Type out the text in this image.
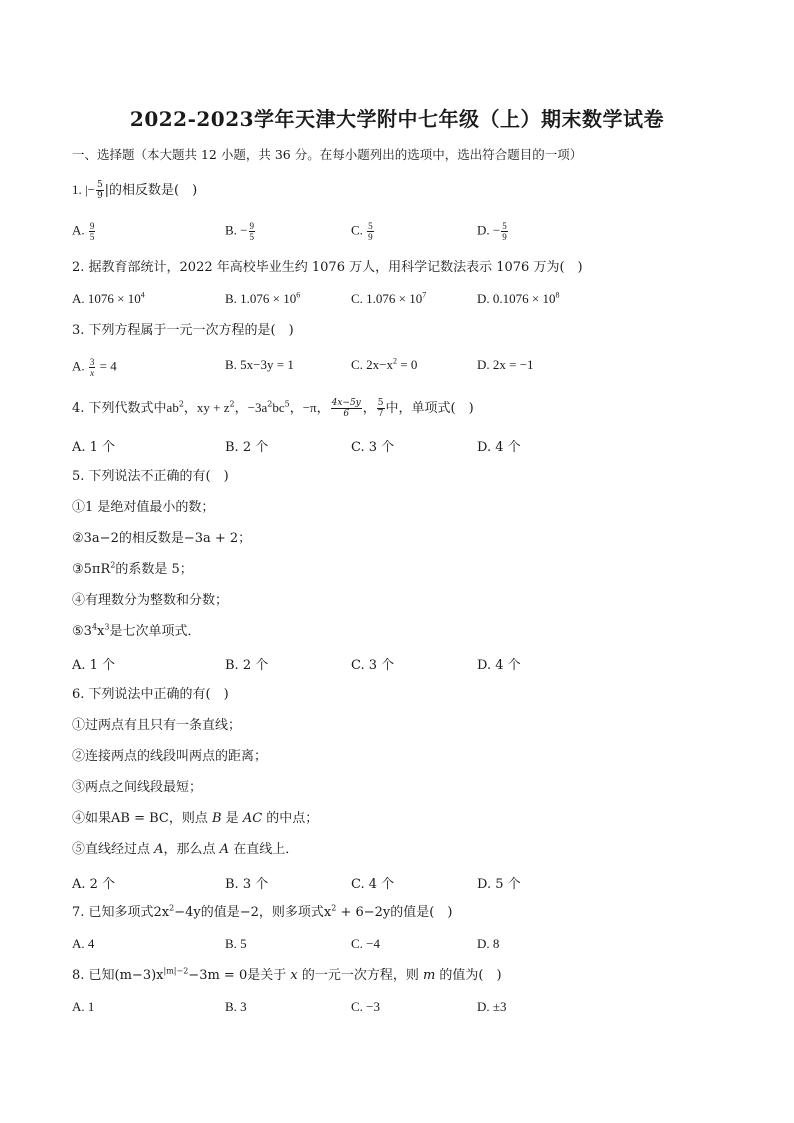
2022-2023学年天津大学附中七年级（上）期末数学试卷
一、选择题（本大题共 12 小题，共 36 分。在每小题列出的选项中，选出符合题目的一项）
1. |− $\frac{5}{9}$ |的相反数是(　)
A. $\frac{9}{5}$	B. − $\frac{9}{5}$	C. $\frac{5}{9}$	D. − $\frac{5}{9}$
2. 据教育部统计，2022 年高校毕业生约 1076 万人，用科学记数法表示 1076 万为(　)
A. $1076 \times 10^4$	B. $1.076 \times 10^6$	C. $1.076 \times 10^7$	D. $0.1076 \times 10^8$
3. 下列方程属于一元一次方程的是(　)
A. $\frac{3}{x} = 4$	B. 5x−3y = 1	C. $2x-x^2 = 0$	D. 2x = −1
4. 下列代数式中$ab^2$，xy + $z^2$，$-3a^2bc^5$，−π， $\frac{4x-5y}{6}$ ， $\frac{5}{7}$ 中，单项式(　)
A. 1 个	B. 2 个	C. 3 个	D. 4 个
5. 下列说法不正确的有(　)
①1 是绝对值最小的数；
②3a−2的相反数是−3a + 2；
$③5\pi R^2$的系数是 5；
④有理数分为整数和分数；
$⑤3^4x^3$是七次单项式．
A. 1 个	B. 2 个	C. 3 个	D. 4 个
6. 下列说法中正确的有(　)
①过两点有且只有一条直线；
②连接两点的线段叫两点的距离；
③两点之间线段最短；
④如果AB = BC，则点 B 是 AC 的中点；
⑤直线经过点 A，那么点 A 在直线上．
A. 2 个	B. 3 个	C. 4 个	D. 5 个
7. 已知多项式$2x^2-4y$的值是−2，则多项式$x^2 + 6-2y$的值是(　)
A. 4	B. 5	C. −4	D. 8
8. 已知$(m-3)x^{|m|-2}-3m = 0$是关于 x 的一元一次方程，则 m 的值为(　)
A. 1	B. 3	C. −3	D. ±3
